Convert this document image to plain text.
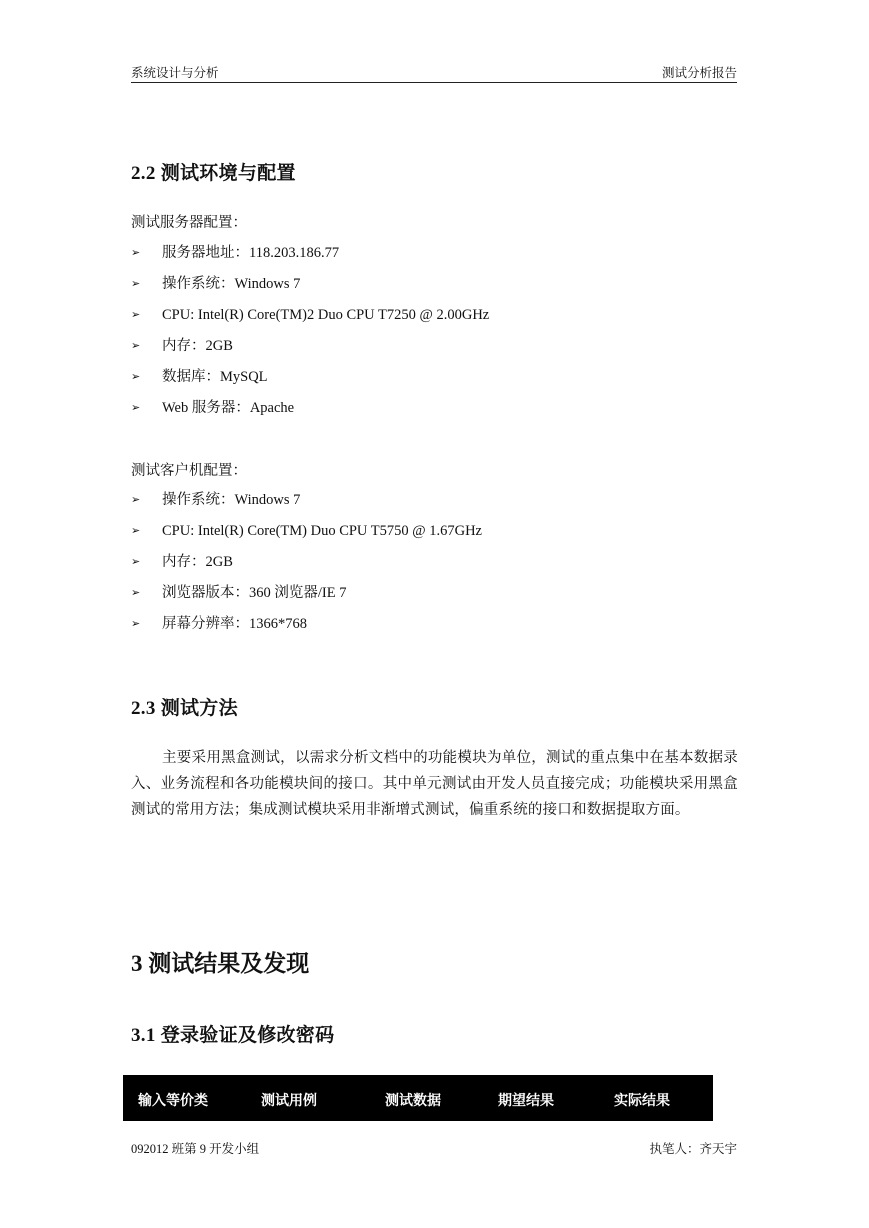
系统设计与分析	测试分析报告
2.2 测试环境与配置

测试服务器配置：

➢	服务器地址：118.203.186.77
➢	操作系统：Windows 7
➢	CPU: Intel(R) Core(TM)2 Duo CPU T7250 @ 2.00GHz
➢	内存：2GB
➢	数据库：MySQL
➢	Web 服务器：Apache

测试客户机配置：

➢	操作系统：Windows 7
➢	CPU: Intel(R) Core(TM) Duo CPU T5750 @ 1.67GHz
➢	内存：2GB
➢	浏览器版本：360 浏览器/IE 7
➢	屏幕分辨率：1366*768
2.3 测试方法

主要采用黑盒测试，以需求分析文档中的功能模块为单位，测试的重点集中在基本数据录入、业务流程和各功能模块间的接口。其中单元测试由开发人员直接完成；功能模块采用黑盒测试的常用方法；集成测试模块采用非渐增式测试，偏重系统的接口和数据提取方面。

3 测试结果及发现
3.1 登录验证及修改密码
输入等价类	测试用例	测试数据	期望结果	实际结果
092012 班第 9 开发小组	执笔人：齐天宇
